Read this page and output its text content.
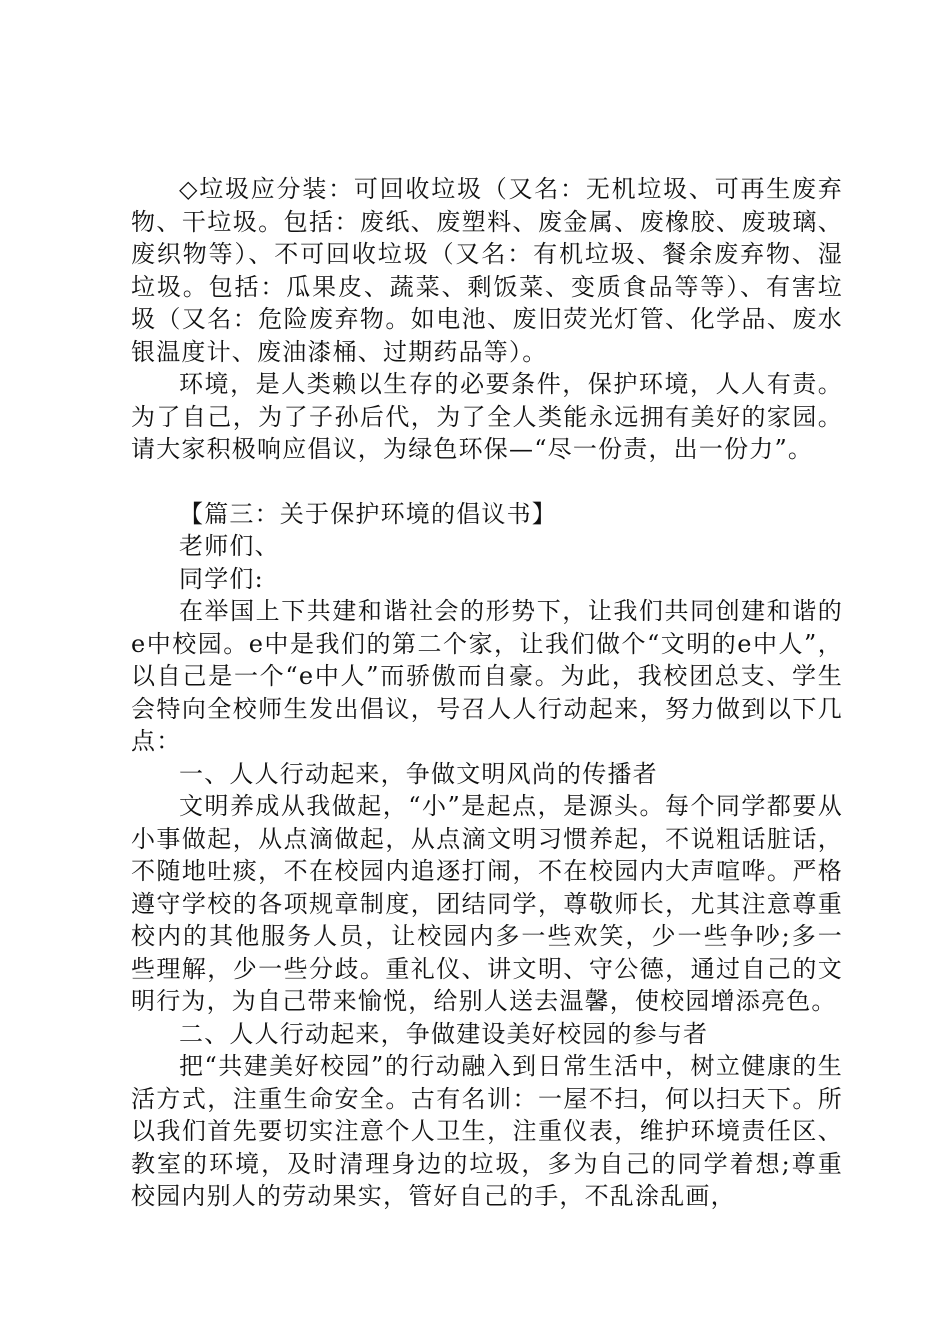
◇垃圾应分装：可回收垃圾（又名：无机垃圾、可再生废弃物、干垃圾。包括：废纸、废塑料、废金属、废橡胶、废玻璃、废织物等）、不可回收垃圾（又名：有机垃圾、餐余废弃物、湿垃圾。包括：瓜果皮、蔬菜、剩饭菜、变质食品等等）、有害垃圾（又名：危险废弃物。如电池、废旧荧光灯管、化学品、废水银温度计、废油漆桶、过期药品等）。

环境，是人类赖以生存的必要条件，保护环境，人人有责。为了自己，为了子孙后代，为了全人类能永远拥有美好的家园。请大家积极响应倡议，为绿色环保—“尽一份责，出一份力”。

【篇三：关于保护环境的倡议书】

老师们、

同学们:

在举国上下共建和谐社会的形势下，让我们共同创建和谐的e中校园。e中是我们的第二个家，让我们做个“文明的e中人”，以自己是一个“e中人”而骄傲而自豪。为此，我校团总支、学生会特向全校师生发出倡议，号召人人行动起来，努力做到以下几点：

一、人人行动起来，争做文明风尚的传播者

文明养成从我做起，“小”是起点，是源头。每个同学都要从小事做起，从点滴做起，从点滴文明习惯养起，不说粗话脏话，不随地吐痰，不在校园内追逐打闹，不在校园内大声喧哗。严格遵守学校的各项规章制度，团结同学，尊敬师长，尤其注意尊重校内的其他服务人员，让校园内多一些欢笑，少一些争吵;多一些理解，少一些分歧。重礼仪、讲文明、守公德，通过自己的文明行为，为自己带来愉悦，给别人送去温馨，使校园增添亮色。

二、人人行动起来，争做建设美好校园的参与者

把“共建美好校园”的行动融入到日常生活中，树立健康的生活方式，注重生命安全。古有名训：一屋不扫，何以扫天下。所以我们首先要切实注意个人卫生，注重仪表，维护环境责任区、教室的环境，及时清理身边的垃圾，多为自己的同学着想;尊重校园内别人的劳动果实，管好自己的手，不乱涂乱画，
